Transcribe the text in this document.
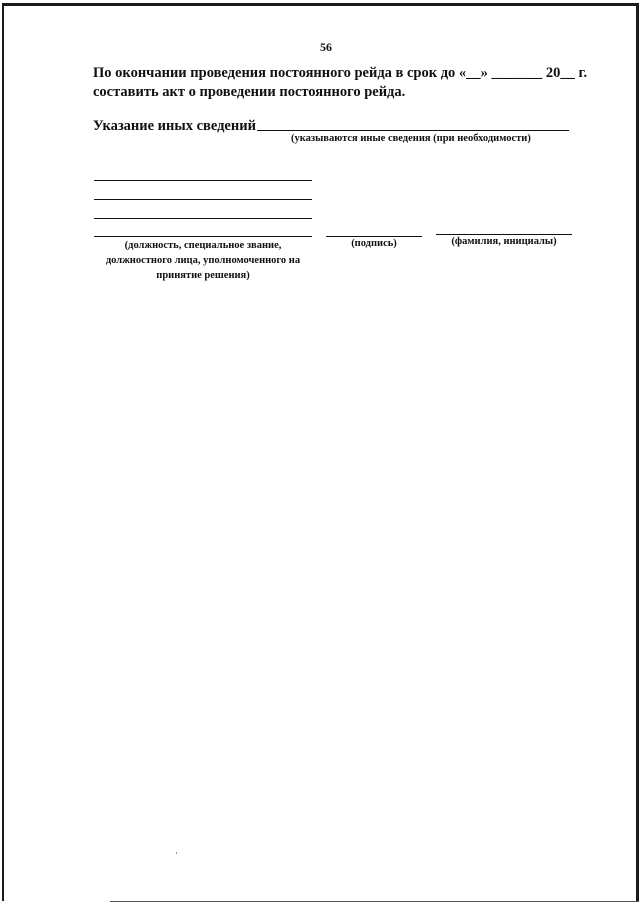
56
По окончании проведения постоянного рейда в срок до «__» _______ 20__ г.
составить акт о проведении постоянного рейда.
Указание иных сведений
(указываются иные сведения (при необходимости)
(должность, специальное звание, должностного лица, уполномоченного на принятие решения)
(подпись)	(фамилия, инициалы)
